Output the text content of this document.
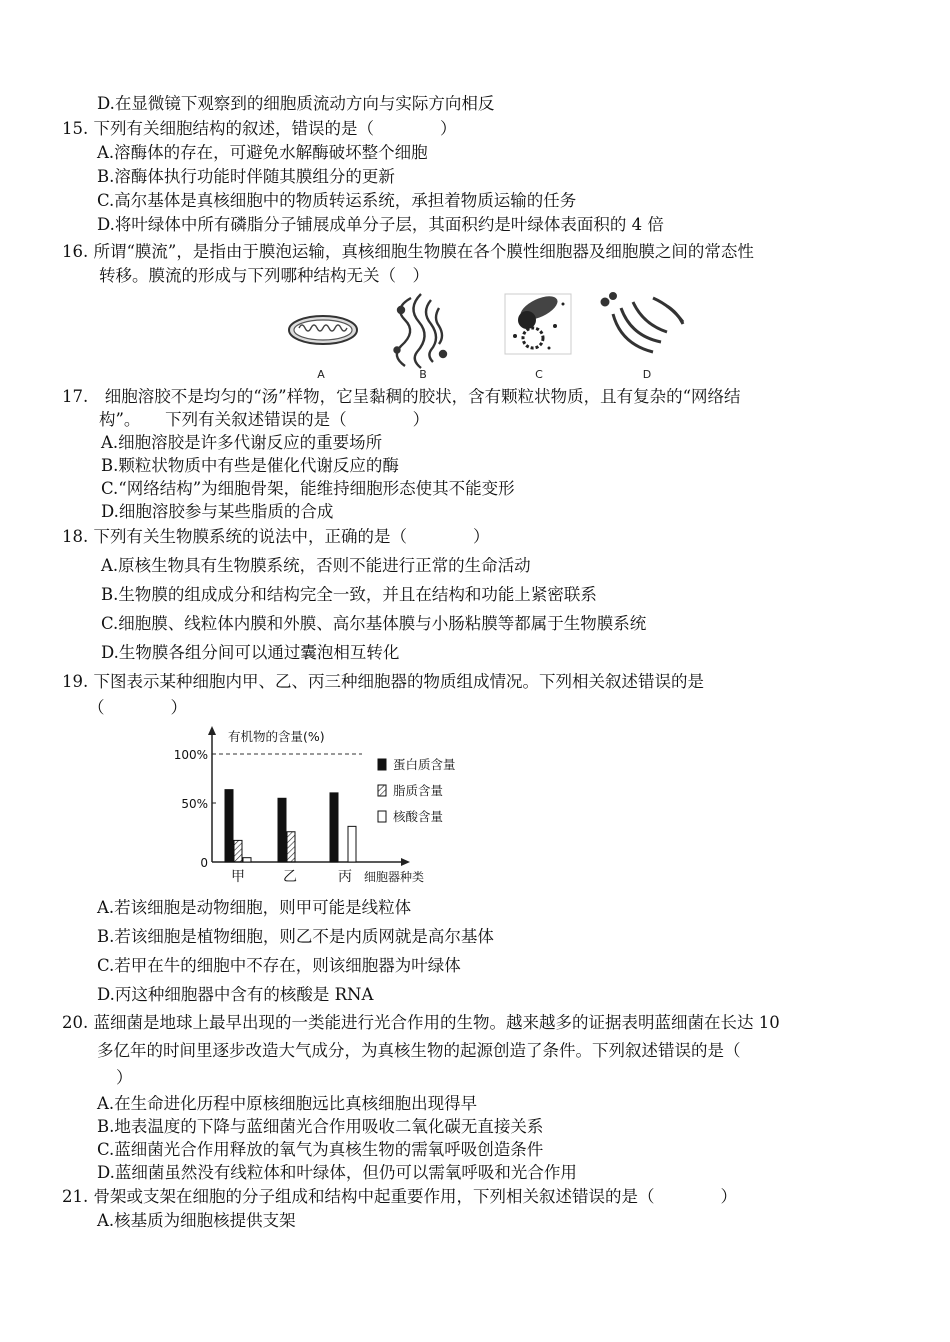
D.在显微镜下观察到的细胞质流动方向与实际方向相反
15. 下列有关细胞结构的叙述，错误的是（　　　　）
A.溶酶体的存在，可避免水解酶破坏整个细胞
B.溶酶体执行功能时伴随其膜组分的更新
C.高尔基体是真核细胞中的物质转运系统，承担着物质运输的任务
D.将叶绿体中所有磷脂分子铺展成单分子层，其面积约是叶绿体表面积的 4 倍
16. 所谓“膜流”，是指由于膜泡运输，真核细胞生物膜在各个膜性细胞器及细胞膜之间的常态性
转移。膜流的形成与下列哪种结构无关（　）
A	B	C	D
17.　细胞溶胶不是均匀的“汤”样物，它呈黏稠的胶状，含有颗粒状物质，且有复杂的“网络结
构”。　　下列有关叙述错误的是（　　　　）
A.细胞溶胶是许多代谢反应的重要场所
B.颗粒状物质中有些是催化代谢反应的酶
C.“网络结构”为细胞骨架，能维持细胞形态使其不能变形
D.细胞溶胶参与某些脂质的合成
18. 下列有关生物膜系统的说法中，正确的是（　　　　）
A.原核生物具有生物膜系统，否则不能进行正常的生命活动
B.生物膜的组成成分和结构完全一致，并且在结构和功能上紧密联系
C.细胞膜、线粒体内膜和外膜、高尔基体膜与小肠粘膜等都属于生物膜系统
D.生物膜各组分间可以通过囊泡相互转化
19. 下图表示某种细胞内甲、乙、丙三种细胞器的物质组成情况。下列相关叙述错误的是
（　　　　）
有机物的含量(%)
100%
50%
0
甲	乙	丙 细胞器种类
蛋白质含量
脂质含量
核酸含量
A.若该细胞是动物细胞，则甲可能是线粒体
B.若该细胞是植物细胞，则乙不是内质网就是高尔基体
C.若甲在牛的细胞中不存在，则该细胞器为叶绿体
D.丙这种细胞器中含有的核酸是 RNA
20. 蓝细菌是地球上最早出现的一类能进行光合作用的生物。越来越多的证据表明蓝细菌在长达 10
多亿年的时间里逐步改造大气成分，为真核生物的起源创造了条件。下列叙述错误的是（
）
A.在生命进化历程中原核细胞远比真核细胞出现得早
B.地表温度的下降与蓝细菌光合作用吸收二氧化碳无直接关系
C.蓝细菌光合作用释放的氧气为真核生物的需氧呼吸创造条件
D.蓝细菌虽然没有线粒体和叶绿体，但仍可以需氧呼吸和光合作用
21. 骨架或支架在细胞的分子组成和结构中起重要作用，下列相关叙述错误的是（　　　　）
A.核基质为细胞核提供支架
